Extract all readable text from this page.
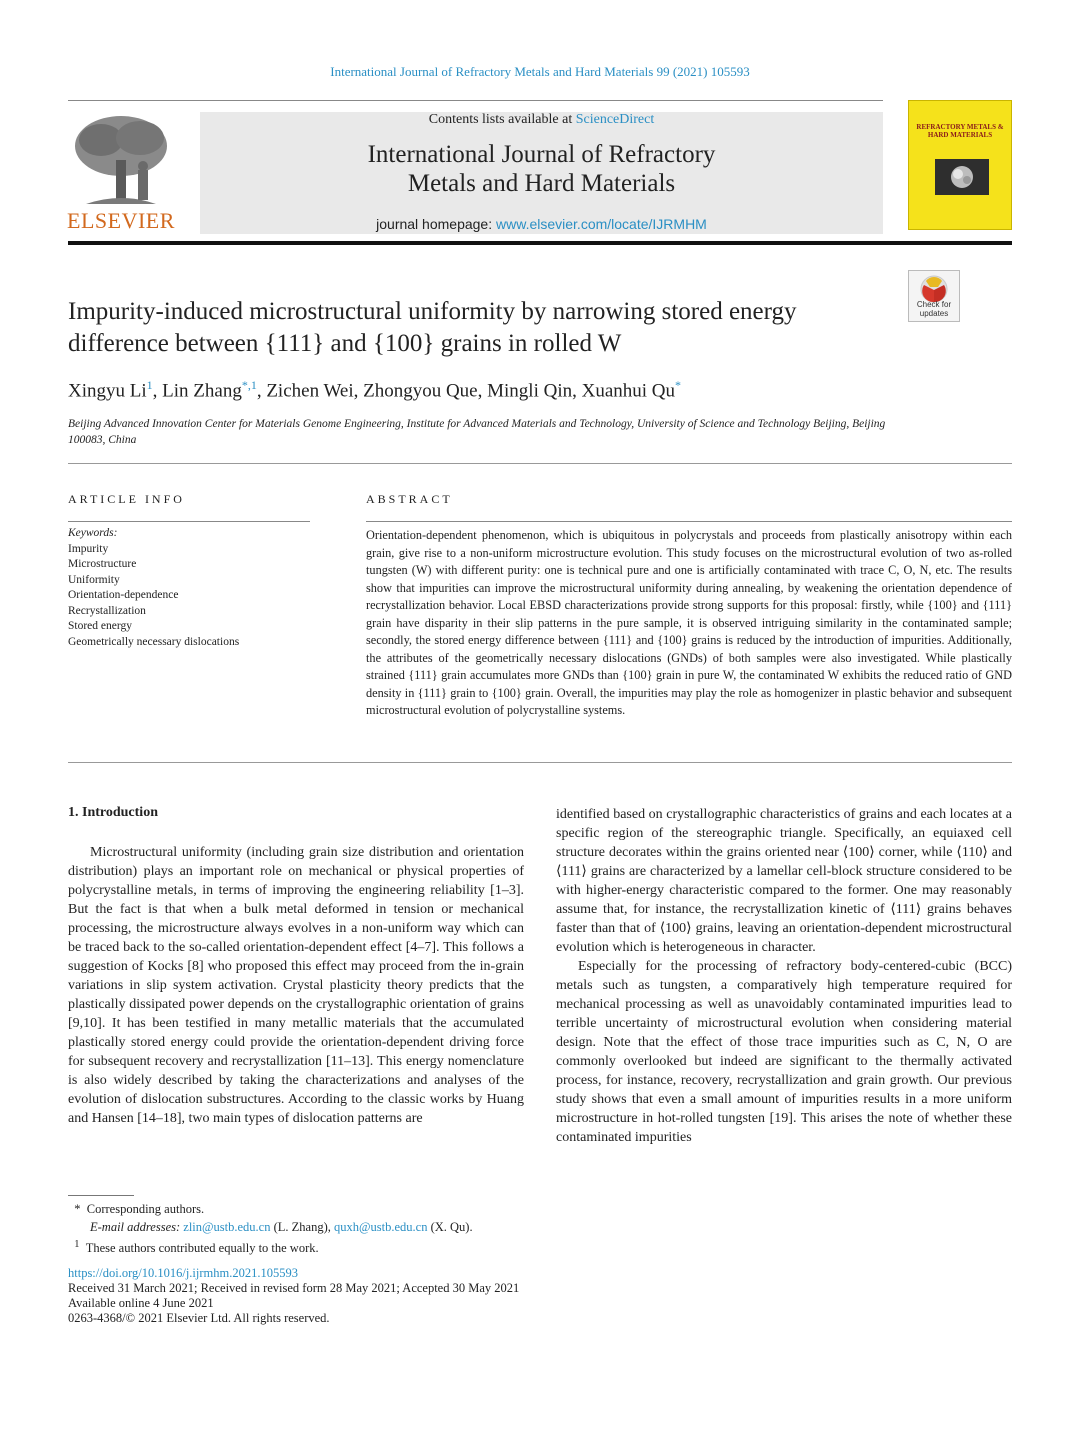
International Journal of Refractory Metals and Hard Materials 99 (2021) 105593
ELSEVIER
Contents lists available at ScienceDirect
International Journal of Refractory
Metals and Hard Materials
journal homepage: www.elsevier.com/locate/IJRMHM
REFRACTORY METALS & HARD MATERIALS
Check for updates
Impurity-induced microstructural uniformity by narrowing stored energy difference between {111} and {100} grains in rolled W
Xingyu Li$^1$, Lin Zhang$^{*,1}$, Zichen Wei, Zhongyou Que, Mingli Qin, Xuanhui Qu*
Beijing Advanced Innovation Center for Materials Genome Engineering, Institute for Advanced Materials and Technology, University of Science and Technology Beijing, Beijing 100083, China
ARTICLE INFO	ABSTRACT
Keywords:
Impurity
Microstructure
Uniformity
Orientation-dependence
Recrystallization
Stored energy
Geometrically necessary dislocations
Orientation-dependent phenomenon, which is ubiquitous in polycrystals and proceeds from plastically anisotropy within each grain, give rise to a non-uniform microstructure evolution. This study focuses on the microstructural evolution of two as-rolled tungsten (W) with different purity: one is technical pure and one is artificially contaminated with trace C, O, N, etc. The results show that impurities can improve the microstructural uniformity during annealing, by weakening the orientation dependence of recrystallization behavior. Local EBSD characterizations provide strong supports for this proposal: firstly, while {100} and {111} grain have disparity in their slip patterns in the pure sample, it is observed intriguing similarity in the contaminated sample; secondly, the stored energy difference between {111} and {100} grains is reduced by the introduction of impurities. Additionally, the attributes of the geometrically necessary dislocations (GNDs) of both samples were also investigated. While plastically strained {111} grain accumulates more GNDs than {100} grain in pure W, the contaminated W exhibits the reduced ratio of GND density in {111} grain to {100} grain. Overall, the impurities may play the role as homogenizer in plastic behavior and subsequent microstructural evolution of polycrystalline systems.
1. Introduction

Microstructural uniformity (including grain size distribution and orientation distribution) plays an important role on mechanical or physical properties of polycrystalline metals, in terms of improving the engineering reliability [1–3]. But the fact is that when a bulk metal deformed in tension or mechanical processing, the microstructure always evolves in a non-uniform way which can be traced back to the so-called orientation-dependent effect [4–7]. This follows a suggestion of Kocks [8] who proposed this effect may proceed from the in-grain variations in slip system activation. Crystal plasticity theory predicts that the plastically dissipated power depends on the crystallographic orientation of grains [9,10]. It has been testified in many metallic materials that the accumulated plastically stored energy could provide the orientation-dependent driving force for subsequent recovery and recrystallization [11–13]. This energy nomenclature is also widely described by taking the characterizations and analyses of the evolution of dislocation substructures. According to the classic works by Huang and Hansen [14–18], two main types of dislocation patterns are

identified based on crystallographic characteristics of grains and each locates at a specific region of the stereographic triangle. Specifically, an equiaxed cell structure decorates within the grains oriented near ⟨100⟩ corner, while ⟨110⟩ and ⟨111⟩ grains are characterized by a lamellar cell-block structure considered to be with higher-energy characteristic compared to the former. One may reasonably assume that, for instance, the recrystallization kinetic of ⟨111⟩ grains behaves faster than that of ⟨100⟩ grains, leaving an orientation-dependent microstructural evolution which is heterogeneous in character.

Especially for the processing of refractory body-centered-cubic (BCC) metals such as tungsten, a comparatively high temperature required for mechanical processing as well as unavoidably contaminated impurities lead to terrible uncertainty of microstructural evolution when considering material design. Note that the effect of those trace impurities such as C, N, O are commonly overlooked but indeed are significant to the thermally activated process, for instance, recovery, recrystallization and grain growth. Our previous study shows that even a small amount of impurities results in a more uniform microstructure in hot-rolled tungsten [19]. This arises the note of whether these contaminated impurities

* Corresponding authors.
E-mail addresses: zlin@ustb.edu.cn (L. Zhang), quxh@ustb.edu.cn (X. Qu).
$^1$ These authors contributed equally to the work.
https://doi.org/10.1016/j.ijrmhm.2021.105593
Received 31 March 2021; Received in revised form 28 May 2021; Accepted 30 May 2021
Available online 4 June 2021
0263-4368/© 2021 Elsevier Ltd. All rights reserved.
